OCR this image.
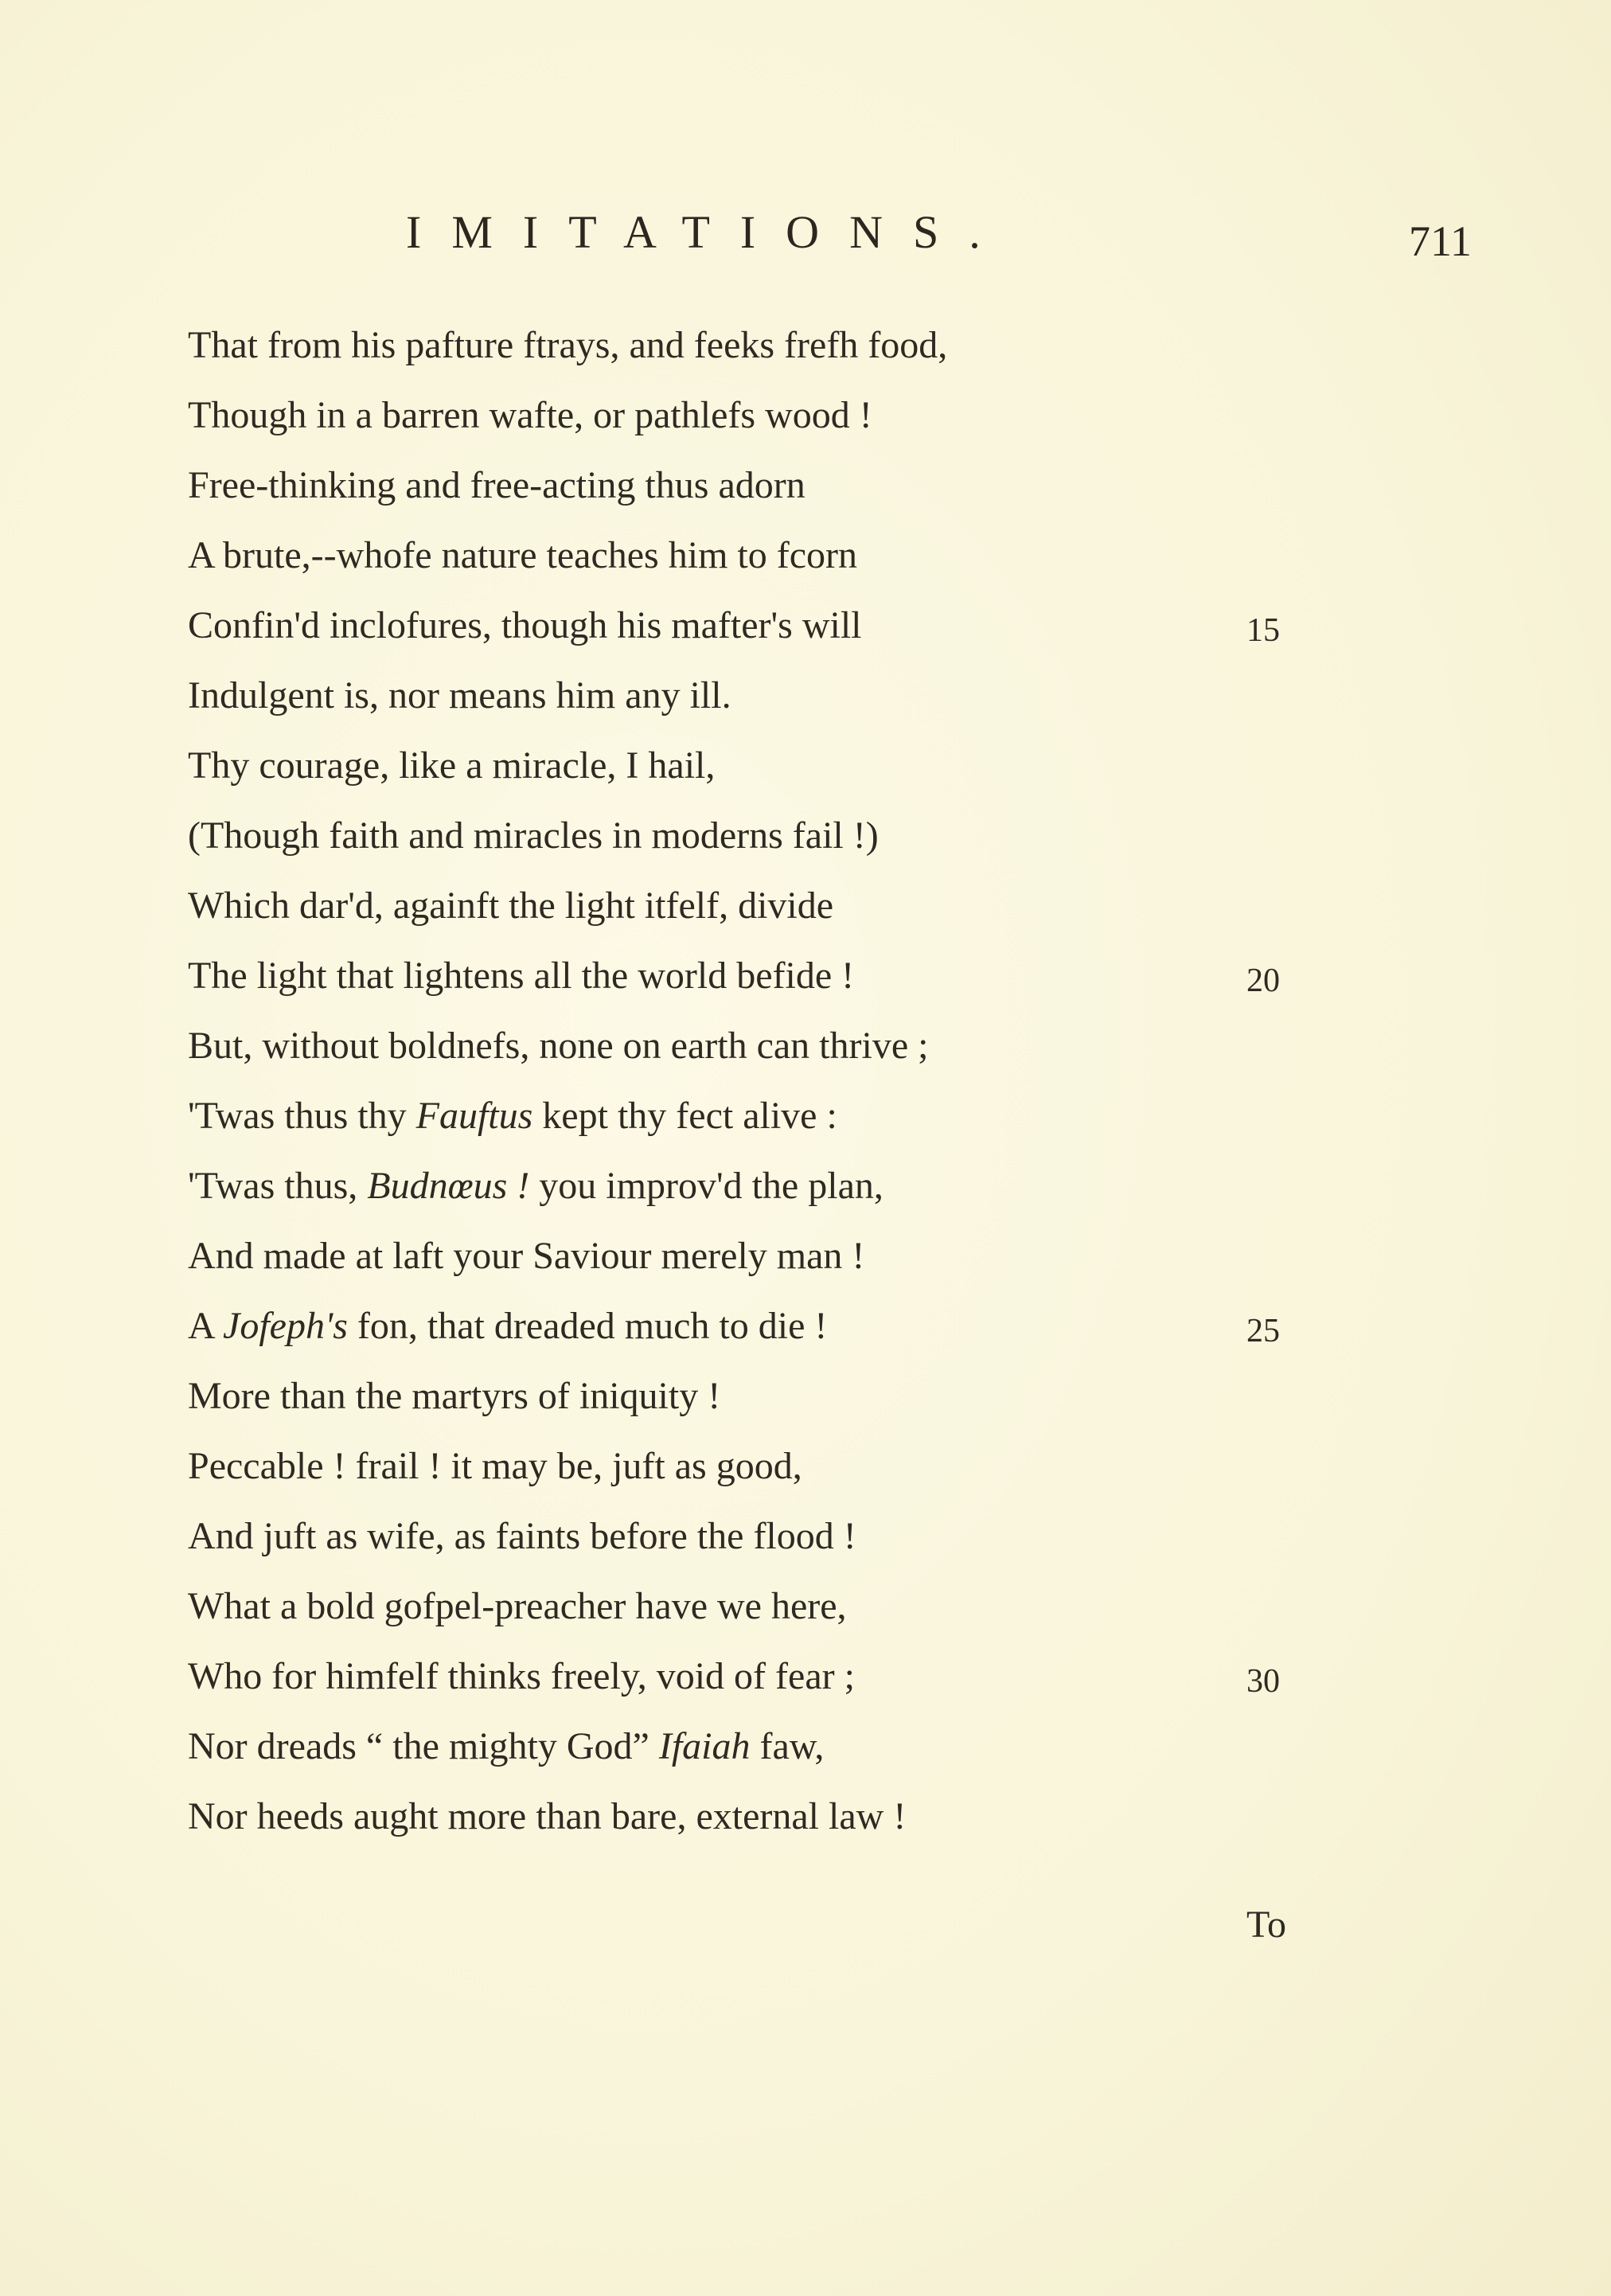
IMITATIONS.	711
That from his pafture ftrays, and feeks frefh food,
Though in a barren wafte, or pathlefs wood !
Free-thinking and free-acting thus adorn
A brute,--whofe nature teaches him to fcorn
Confin'd inclofures, though his mafter's will	15
Indulgent is, nor means him any ill.
Thy courage, like a miracle, I hail,
(Though faith and miracles in moderns fail !)
Which dar'd, againft the light itfelf, divide
The light that lightens all the world befide !	20
But, without boldnefs, none on earth can thrive ;
'Twas thus thy Fauftus kept thy fect alive :
'Twas thus, Budnœus ! you improv'd the plan,
And made at laft your Saviour merely man !
A Jofeph's fon, that dreaded much to die !	25
More than the martyrs of iniquity !
Peccable ! frail ! it may be, juft as good,
And juft as wife, as faints before the flood !
What a bold gofpel-preacher have we here,
Who for himfelf thinks freely, void of fear ;	30
Nor dreads “ the mighty God” Ifaiah faw,
Nor heeds aught more than bare, external law !
To
